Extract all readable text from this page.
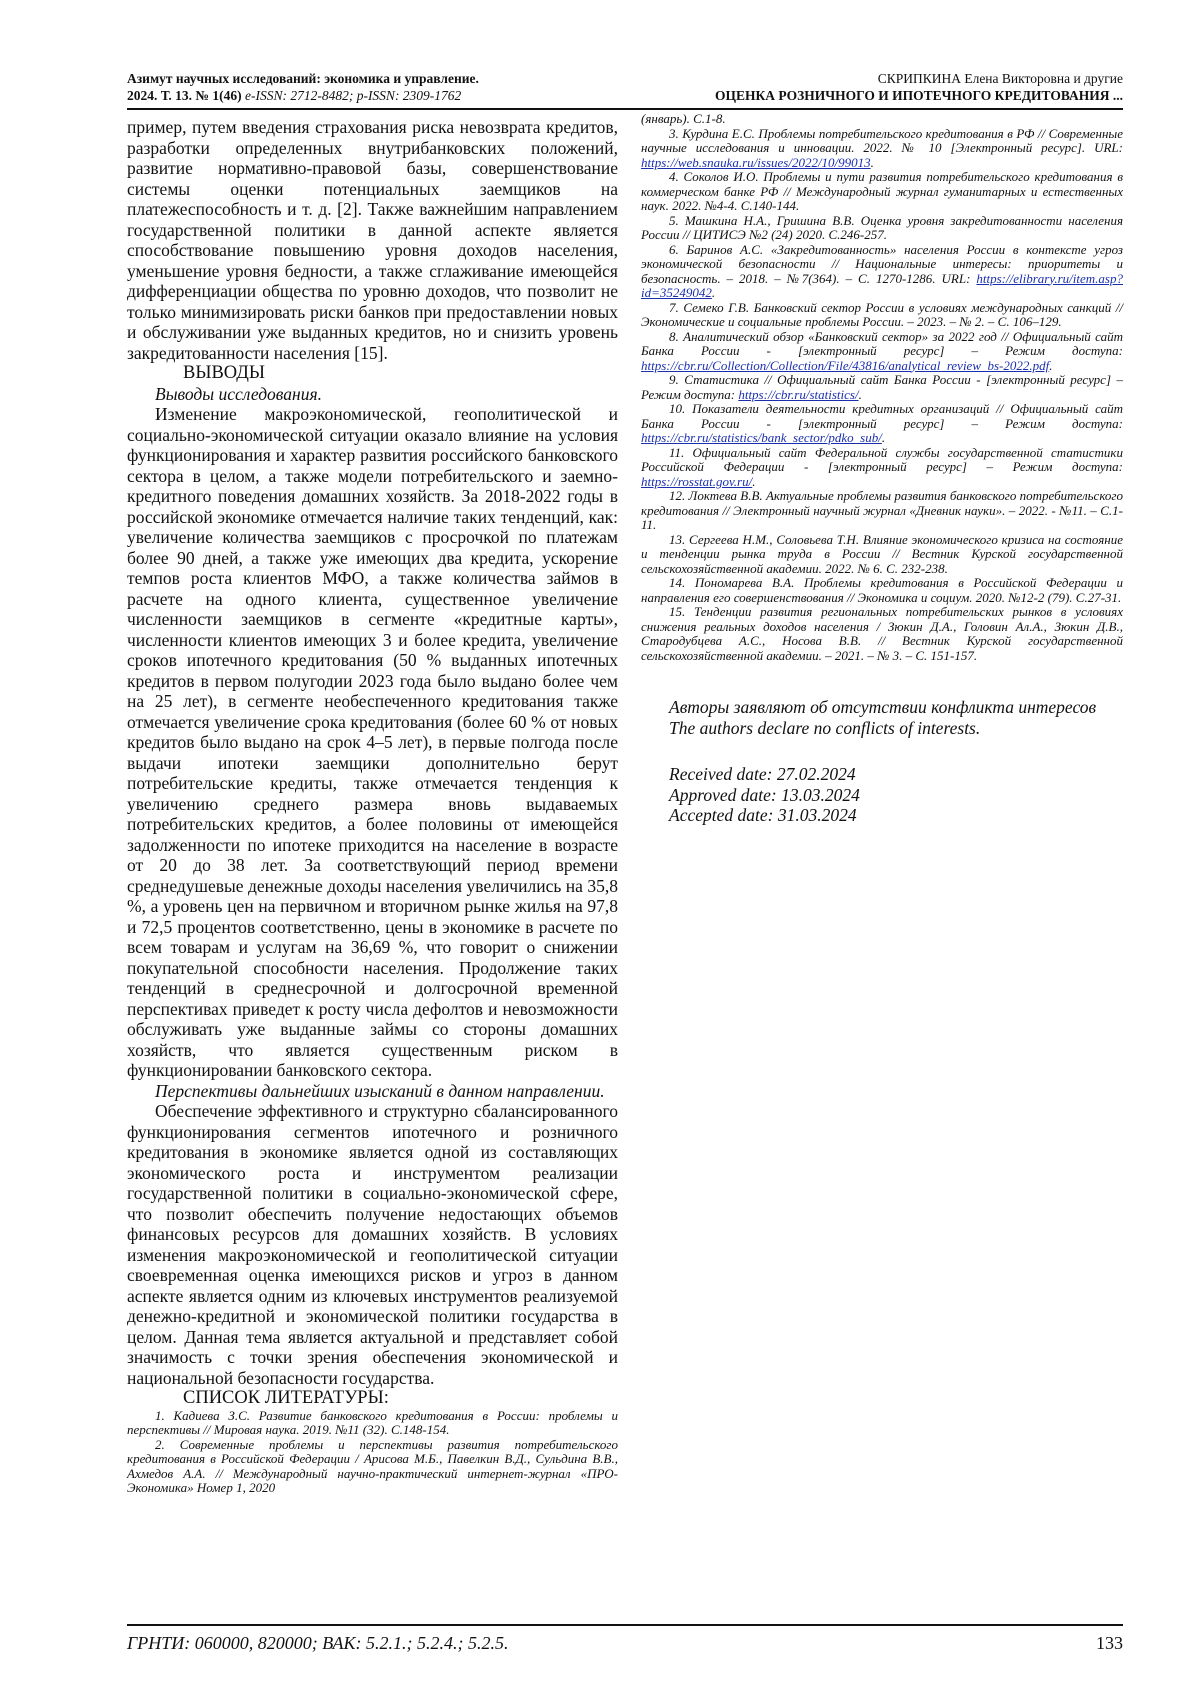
Азимут научных исследований: экономика и управление.
2024. Т. 13. № 1(46) e-ISSN: 2712-8482; p-ISSN: 2309-1762
СКРИПКИНА Елена Викторовна и другие
ОЦЕНКА РОЗНИЧНОГО И ИПОТЕЧНОГО КРЕДИТОВАНИЯ ...

пример, путем введения страхования риска невозврата кредитов, разработки определенных внутрибанковских положений, развитие нормативно-правовой базы, совершенствование системы оценки потенциальных заемщиков на платежеспособность и т. д. [2]. Также важнейшим направлением государственной политики в данной аспекте является способствование повышению уровня доходов населения, уменьшение уровня бедности, а также сглаживание имеющейся дифференциации общества по уровню доходов, что позволит не только минимизировать риски банков при предоставлении новых и обслуживании уже выданных кредитов, но и снизить уровень закредитованности населения [15].

ВЫВОДЫ

Выводы исследования.

Изменение макроэкономической, геополитической и социально-экономической ситуации оказало влияние на условия функционирования и характер развития российского банковского сектора в целом, а также модели потребительского и заемно-кредитного поведения домашних хозяйств. За 2018-2022 годы в российской экономике отмечается наличие таких тенденций, как: увеличение количества заемщиков с просрочкой по платежам более 90 дней, а также уже имеющих два кредита, ускорение темпов роста клиентов МФО, а также количества займов в расчете на одного клиента, существенное увеличение численности заемщиков в сегменте «кредитные карты», численности клиентов имеющих 3 и более кредита, увеличение сроков ипотечного кредитования (50 % выданных ипотечных кредитов в первом полугодии 2023 года было выдано более чем на 25 лет), в сегменте необеспеченного кредитования также отмечается увеличение срока кредитования (более 60 % от новых кредитов было выдано на срок 4–5 лет), в первые полгода после выдачи ипотеки заемщики дополнительно берут потребительские кредиты, также отмечается тенденция к увеличению среднего размера вновь выдаваемых потребительских кредитов, а более половины от имеющейся задолженности по ипотеке приходится на население в возрасте от 20 до 38 лет. За соответствующий период времени среднедушевые денежные доходы населения увеличились на 35,8 %, а уровень цен на первичном и вторичном рынке жилья на 97,8 и 72,5 процентов соответственно, цены в экономике в расчете по всем товарам и услугам на 36,69 %, что говорит о снижении покупательной способности населения. Продолжение таких тенденций в среднесрочной и долгосрочной временной перспективах приведет к росту числа дефолтов и невозможности обслуживать уже выданные займы со стороны домашних хозяйств, что является существенным риском в функционировании банковского сектора.

Перспективы дальнейших изысканий в данном направлении.

Обеспечение эффективного и структурно сбалансированного функционирования сегментов ипотечного и розничного кредитования в экономике является одной из составляющих экономического роста и инструментом реализации государственной политики в социально-экономической сфере, что позволит обеспечить получение недостающих объемов финансовых ресурсов для домашних хозяйств. В условиях изменения макроэкономической и геополитической ситуации своевременная оценка имеющихся рисков и угроз в данном аспекте является одним из ключевых инструментов реализуемой денежно-кредитной и экономической политики государства в целом. Данная тема является актуальной и представляет собой значимость с точки зрения обеспечения экономической и национальной безопасности государства.

СПИСОК ЛИТЕРАТУРЫ:

1. Кадиева З.С. Развитие банковского кредитования в России: проблемы и перспективы // Мировая наука. 2019. №11 (32). С.148-154.
2. Современные проблемы и перспективы развития потребительского кредитования в Российской Федерации / Арисова М.Б., Павелкин В.Д., Сульдина В.В., Ахмедов А.А. // Международный научно-практический интернет-журнал «ПРО-Экономика» Номер 1, 2020

(январь). С.1-8.

3. Курдина Е.С. Проблемы потребительского кредитования в РФ // Современные научные исследования и инновации. 2022. № 10 [Электронный ресурс]. URL: https://web.snauka.ru/issues/2022/10/99013.
4. Соколов И.О. Проблемы и пути развития потребительского кредитования в коммерческом банке РФ // Международный журнал гуманитарных и естественных наук. 2022. №4-4. С.140-144.
5. Машкина Н.А., Гришина В.В. Оценка уровня закредитованности населения России // ЦИТИСЭ №2 (24) 2020. С.246-257.
6. Баринов А.С. «Закредитованность» населения России в контексте угроз экономической безопасности // Национальные интересы: приоритеты и безопасность. – 2018. – №7(364). – С. 1270-1286. URL: https://elibrary.ru/item.asp?id=35249042.
7. Семеко Г.В. Банковский сектор России в условиях международных санкций // Экономические и социальные проблемы России. – 2023. – № 2. – С. 106–129.
8. Аналитический обзор «Банковский сектор» за 2022 год // Официальный сайт Банка России - [электронный ресурс] – Режим доступа: https://cbr.ru/Collection/Collection/File/43816/analytical_review_bs-2022.pdf.
9. Статистика // Официальный сайт Банка России - [электронный ресурс] – Режим доступа: https://cbr.ru/statistics/.
10. Показатели деятельности кредитных организаций // Официальный сайт Банка России - [электронный ресурс] – Режим доступа: https://cbr.ru/statistics/bank_sector/pdko_sub/.
11. Официальный сайт Федеральной службы государственной статистики Российской Федерации - [электронный ресурс] – Режим доступа: https://rosstat.gov.ru/.
12. Локтева В.В. Актуальные проблемы развития банковского потребительского кредитования // Электронный научный журнал «Дневник науки». – 2022. - №11. – С.1-11.
13. Сергеева Н.М., Соловьева Т.Н. Влияние экономического кризиса на состояние и тенденции рынка труда в России // Вестник Курской государственной сельскохозяйственной академии. 2022. № 6. С. 232-238.
14. Пономарева В.А. Проблемы кредитования в Российской Федерации и направления его совершенствования // Экономика и социум. 2020. №12-2 (79). С.27-31.
15. Тенденции развития региональных потребительских рынков в условиях снижения реальных доходов населения / Зюкин Д.А., Головин Ал.А., Зюкин Д.В., Стародубцева А.С., Носова В.В. // Вестник Курской государственной сельскохозяйственной академии. – 2021. – № 3. – С. 151-157.

Авторы заявляют об отсутствии конфликта интересов

The authors declare no conflicts of interests.

Received date: 27.02.2024

Approved date: 13.03.2024

Accepted date: 31.03.2024

ГРНТИ: 060000, 820000; ВАК: 5.2.1.; 5.2.4.; 5.2.5.	133
